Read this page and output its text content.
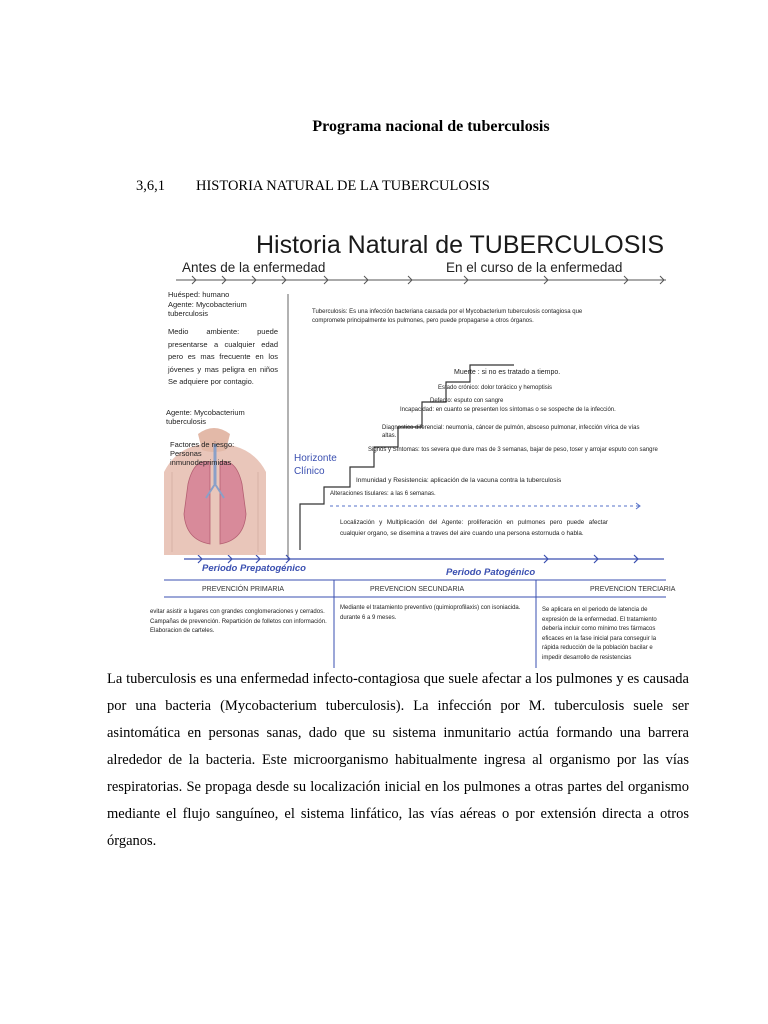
Programa nacional de tuberculosis
3,6,1 HISTORIA NATURAL DE LA TUBERCULOSIS
Historia Natural de TUBERCULOSIS
Antes de la enfermedad	En el curso de la enfermedad
Huésped: humano
Agente: Mycobacterium tuberculosis
Medio ambiente: puede presentarse a cualquier edad pero es mas frecuente en los jóvenes y mas peligra en niños Se adquiere por contagio.
Agente: Mycobacterium tuberculosis
Factores de riesgo: Personas inmunodeprimidas
Tuberculosis: Es una infección bacteriana causada por el Mycobacterium tuberculosis contagiosa que compromete principalmente los pulmones, pero puede propagarse a otros órganos.
Muerte : si no es tratado a tiempo.
Estado crónico: dolor torácico y hemoptisis
Defecto: esputo con sangre
Incapacidad: en cuanto se presenten los síntomas o se sospeche de la infección.
Diagnostico diferencial: neumonía, cáncer de pulmón, absceso pulmonar, infección vírica de vías altas.
Signos y Síntomas: tos severa que dure mas de 3 semanas, bajar de peso, toser y arrojar esputo con sangre
Inmunidad y Resistencia: aplicación de la vacuna contra la tuberculosis
Alteraciones tisulares: a las 6 semanas.
Horizonte Clínico
Localización y Multiplicación del Agente: proliferación en pulmones pero puede afectar cualquier organo, se disemina a traves del aire cuando una persona estornuda o habla.
Periodo Prepatogénico	Periodo Patogénico
PREVENCIÓN PRIMARIA	PREVENCION SECUNDARIA	PREVENCION TERCIARIA
evitar asistir a lugares con grandes conglomeraciones y cerrados. Campañas de prevención. Repartición de folletos con información. Elaboracion de carteles.
Mediante el tratamiento preventivo (quimioprofilaxis) con isoniacida. durante 6 a 9 meses.
Se aplicara en el periodo de latencia de expresión de la enfermedad. El tratamiento debería incluir como mínimo tres fármacos eficaces en la fase inicial para conseguir la rápida reducción de la población bacilar e impedir desarrollo de resistencias
La tuberculosis es una enfermedad infecto-contagiosa que suele afectar a los pulmones y es causada por una bacteria (Mycobacterium tuberculosis). La infección por M. tuberculosis suele ser asintomática en personas sanas, dado que su sistema inmunitario actúa formando una barrera alrededor de la bacteria. Este microorganismo habitualmente ingresa al organismo por las vías respiratorias. Se propaga desde su localización inicial en los pulmones a otras partes del organismo mediante el flujo sanguíneo, el sistema linfático, las vías aéreas o por extensión directa a otros órganos.
